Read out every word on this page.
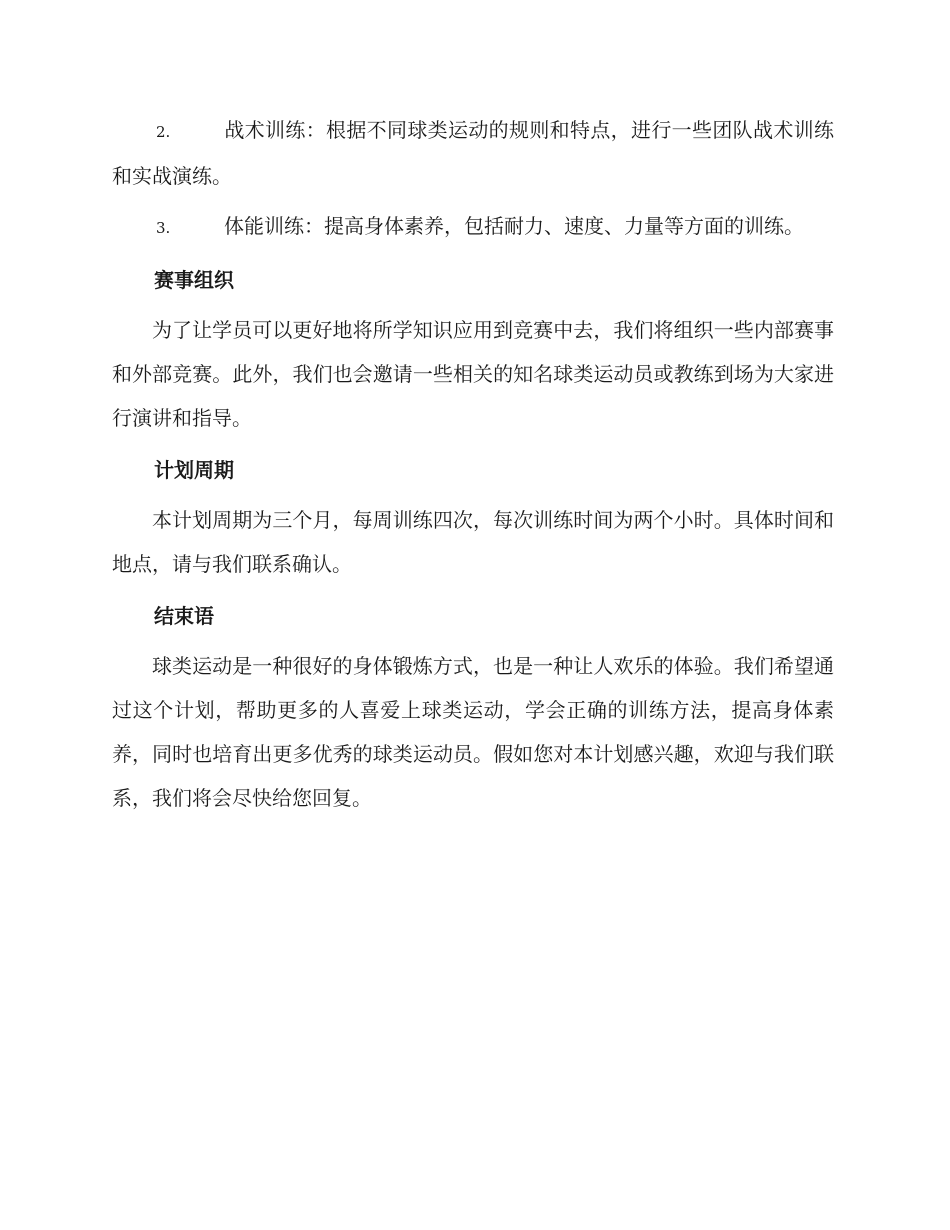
2.	战术训练：根据不同球类运动的规则和特点，进行一些团队战术训练和实战演练。

3.	体能训练：提高身体素养，包括耐力、速度、力量等方面的训练。

赛事组织

为了让学员可以更好地将所学知识应用到竞赛中去，我们将组织一些内部赛事和外部竞赛。此外，我们也会邀请一些相关的知名球类运动员或教练到场为大家进行演讲和指导。

计划周期

本计划周期为三个月，每周训练四次，每次训练时间为两个小时。具体时间和地点，请与我们联系确认。

结束语

球类运动是一种很好的身体锻炼方式，也是一种让人欢乐的体验。我们希望通过这个计划，帮助更多的人喜爱上球类运动，学会正确的训练方法，提高身体素养，同时也培育出更多优秀的球类运动员。假如您对本计划感兴趣，欢迎与我们联系，我们将会尽快给您回复。
